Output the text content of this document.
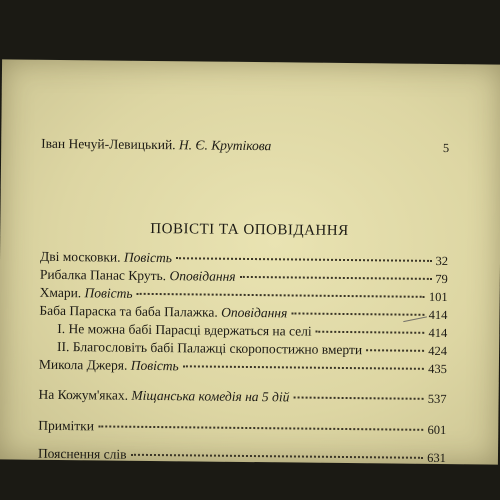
Іван Нечуй-Левицький. Н. Є. Крутікова	5
ПОВІСТІ ТА ОПОВІДАННЯ
Дві московки. Повість	32
Рибалка Панас Круть. Оповідання	79
Хмари. Повість	101
Баба Параска та баба Палажка. Оповідання	414
I. Не можна бабі Парасці вдержаться на селі	414
II. Благословіть бабі Палажці скоропостижно вмерти	424
Микола Джеря. Повість	435
На Кожум'яках. Міщанська комедія на 5 дій	537
Примітки	601
Пояснення слів	631
